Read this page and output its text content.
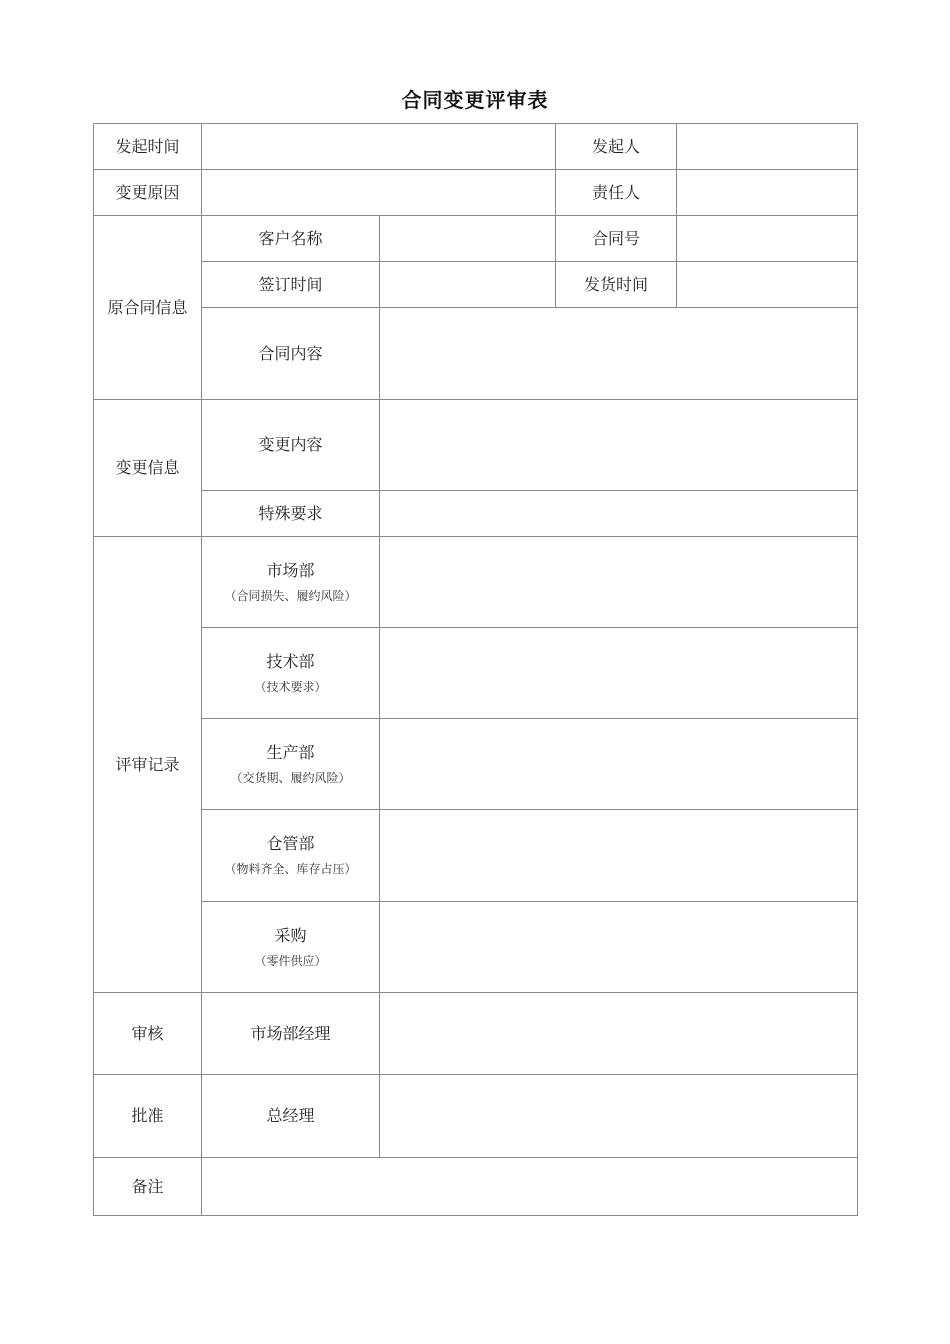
合同变更评审表
发起时间			发起人	
变更原因			责任人	
原合同信息	客户名称		合同号	
	签订时间		发货时间	
	合同内容			
变更信息	变更内容			
	特殊要求			
评审记录	市场部
（合同损失、履约风险）			

	技术部
（技术要求）			

	生产部
（交货期、履约风险）			

	仓管部
（物料齐全、库存占压）			

	采购
（零件供应）			

审核	市场部经理			
批准	总经理			
备注				
